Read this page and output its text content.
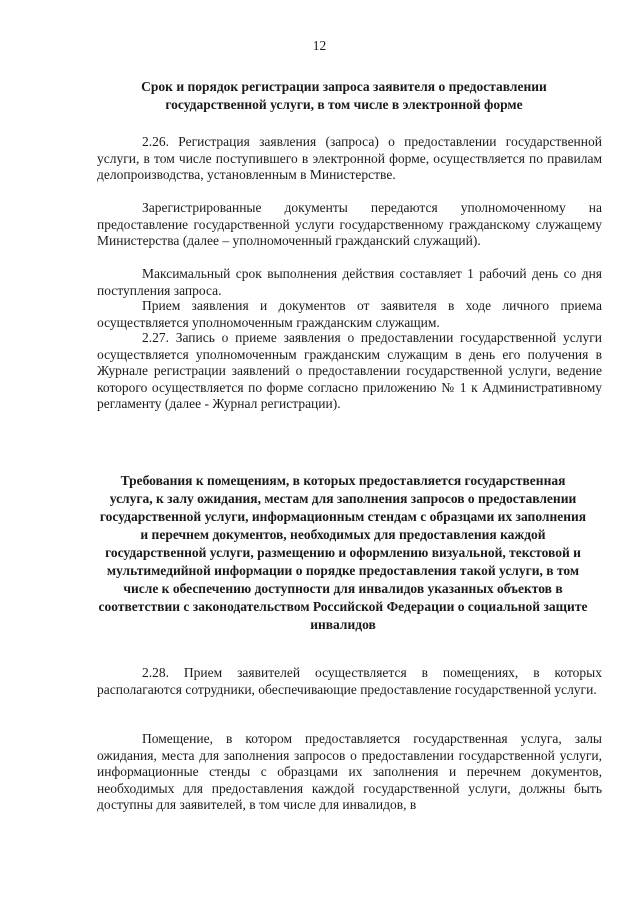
12
Срок и порядок регистрации запроса заявителя о предоставлении государственной услуги, в том числе в электронной форме

2.26. Регистрация заявления (запроса) о предоставлении государственной услуги, в том числе поступившего в электронной форме, осуществляется по правилам делопроизводства, установленным в Министерстве.

Зарегистрированные документы передаются уполномоченному на предоставление государственной услуги государственному гражданскому служащему Министерства (далее – уполномоченный гражданский служащий).

Максимальный срок выполнения действия составляет 1 рабочий день со дня поступления запроса.

Прием заявления и документов от заявителя в ходе личного приема осуществляется уполномоченным гражданским служащим.

2.27. Запись о приеме заявления о предоставлении государственной услуги осуществляется уполномоченным гражданским служащим в день его получения в Журнале регистрации заявлений о предоставлении государственной услуги, ведение которого осуществляется по форме согласно приложению № 1 к Административному регламенту (далее - Журнал регистрации).

Требования к помещениям, в которых предоставляется государственная услуга, к залу ожидания, местам для заполнения запросов о предоставлении государственной услуги, информационным стендам с образцами их заполнения и перечнем документов, необходимых для предоставления каждой государственной услуги, размещению и оформлению визуальной, текстовой и мультимедийной информации о порядке предоставления такой услуги, в том числе к обеспечению доступности для инвалидов указанных объектов в соответствии с законодательством Российской Федерации о социальной защите инвалидов

2.28. Прием заявителей осуществляется в помещениях, в которых располагаются сотрудники, обеспечивающие предоставление государственной услуги.

Помещение, в котором предоставляется государственная услуга, залы ожидания, места для заполнения запросов о предоставлении государственной услуги, информационные стенды с образцами их заполнения и перечнем документов, необходимых для предоставления каждой государственной услуги, должны быть доступны для заявителей, в том числе для инвалидов, в
